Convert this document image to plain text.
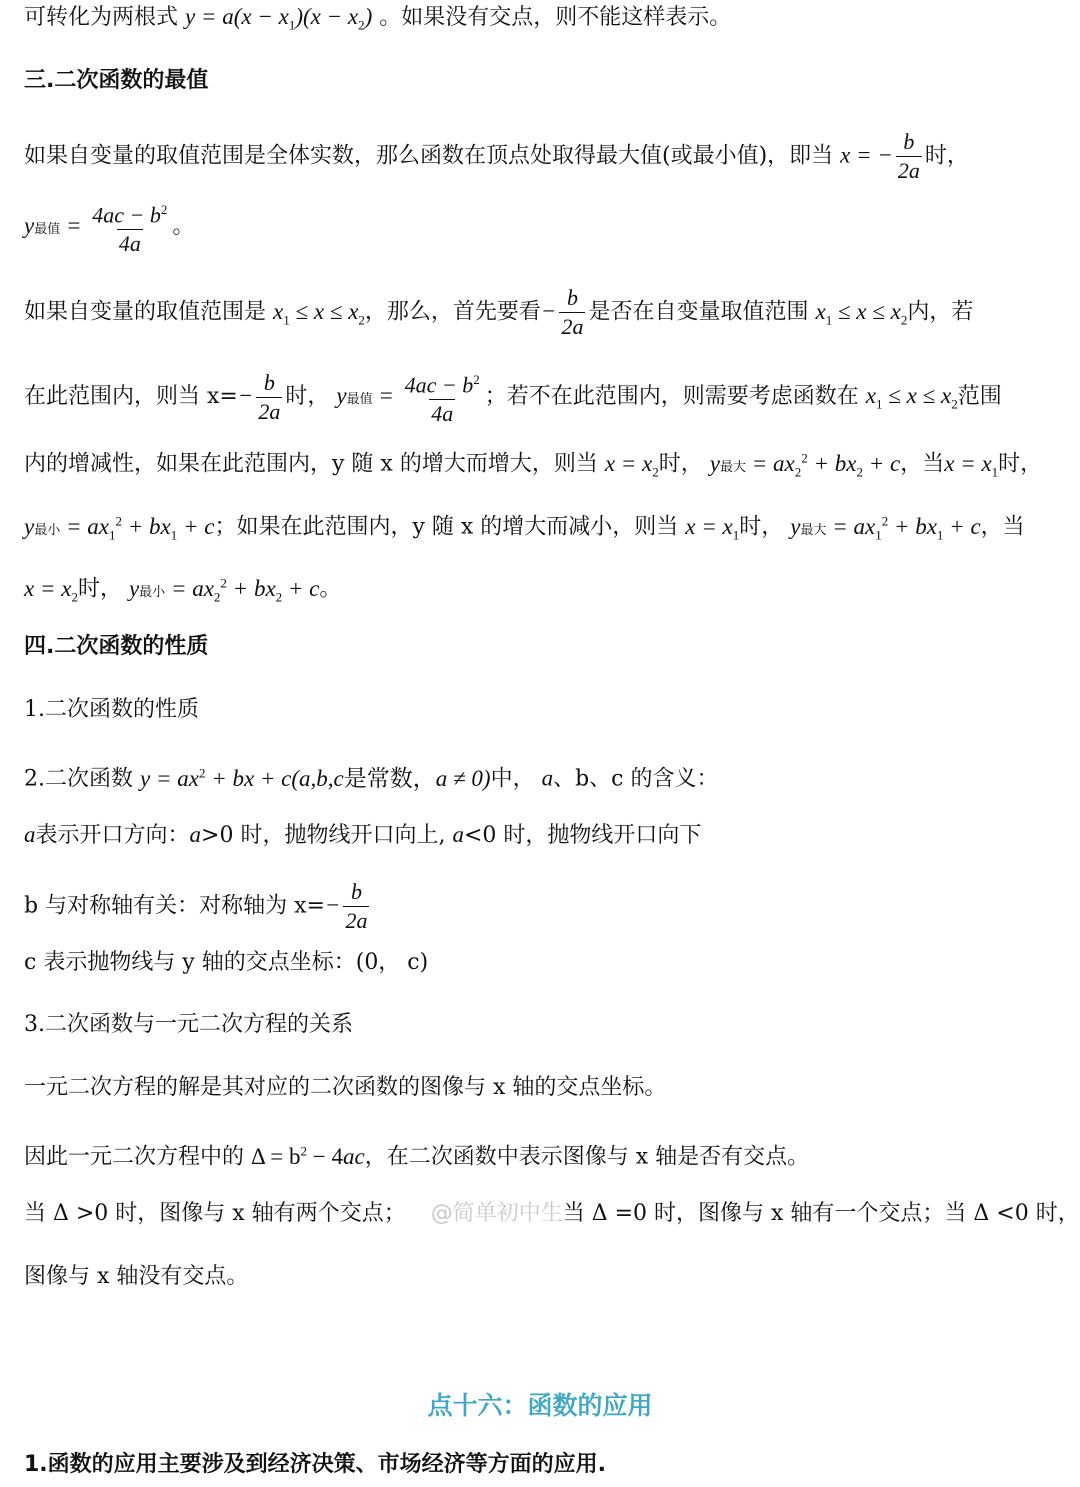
可转化为两根式 $y = a(x - x_1)(x - x_2)$ 。如果没有交点，则不能这样表示。
三.二次函数的最值
如果自变量的取值范围是全体实数，那么函数在顶点处取得最大值(或最小值)，即当 x = − $\frac{b}{2a}$ 时，
y最值 = $\frac{4ac - b^2}{4a}$ 。
如果自变量的取值范围是 $x_1 \le x \le x_2$，那么，首先要看− $\frac{b}{2a}$ 是否在自变量取值范围 $x_1 \le x \le x_2$内，若
在此范围内，则当 $x=- \frac{b}{2a}$ 时， y最值 = $\frac{4ac - b^2}{4a}$ ；若不在此范围内，则需要考虑函数在 $x_1 \le x \le x_2$范围
内的增减性，如果在此范围内，y 随 x 的增大而增大，则当 $x = x_2$时， y最大 = $ax_2^2 + bx_2 + c$，当$x = x_1$时，
y最小 = $ax_1^2 + bx_1 + c$；如果在此范围内，y 随 x 的增大而减小，则当 $x = x_1$时， y最大 = $ax_1^2 + bx_1 + c$，当
$x = x_2$时， y最小 = $ax_2^2 + bx_2 + c$。
四.二次函数的性质
1.二次函数的性质
2.二次函数 $y = ax^2$ + bx + c(a,b,c是常数，a ≠ 0)中， a、b、c 的含义：
a表示开口方向：a>0 时，抛物线开口向上, a<0 时，抛物线开口向下
b 与对称轴有关：对称轴为 $x=- \frac{b}{2a}$
c 表示抛物线与 y 轴的交点坐标：(0， c)
3.二次函数与一元二次方程的关系
一元二次方程的解是其对应的二次函数的图像与 x 轴的交点坐标。
因此一元二次方程中的 $\Delta = b^2 - 4ac$，在二次函数中表示图像与 x 轴是否有交点。
当 Δ >0 时，图像与 x 轴有两个交点； @简单初中生当 Δ =0 时，图像与 x 轴有一个交点；当 Δ <0 时，
图像与 x 轴没有交点。
点十六：函数的应用
1.函数的应用主要涉及到经济决策、市场经济等方面的应用.
